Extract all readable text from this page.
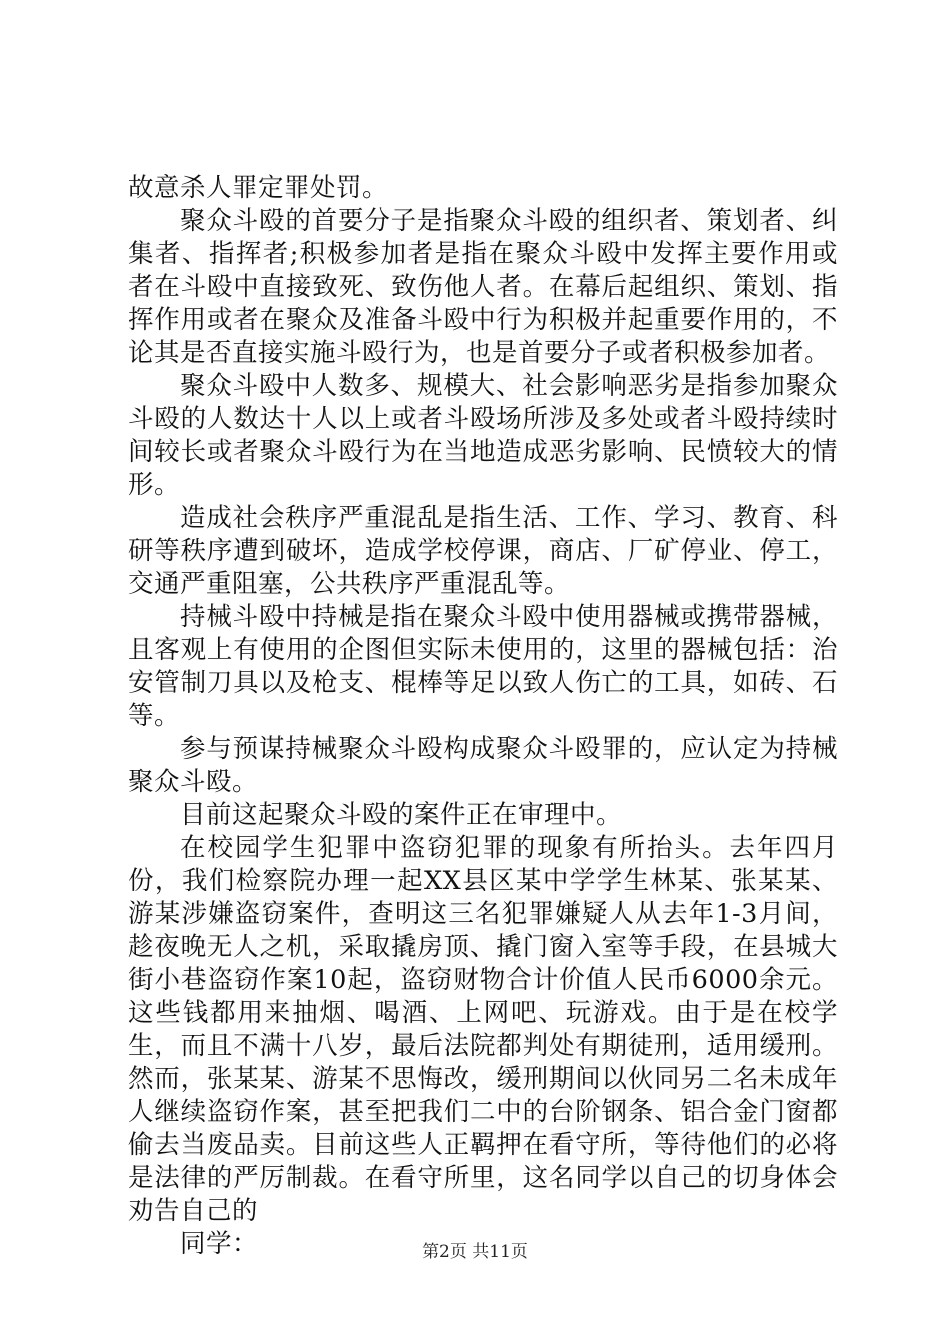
故意杀人罪定罪处罚。

聚众斗殴的首要分子是指聚众斗殴的组织者、策划者、纠集者、指挥者;积极参加者是指在聚众斗殴中发挥主要作用或者在斗殴中直接致死、致伤他人者。在幕后起组织、策划、指挥作用或者在聚众及准备斗殴中行为积极并起重要作用的，不论其是否直接实施斗殴行为，也是首要分子或者积极参加者。

聚众斗殴中人数多、规模大、社会影响恶劣是指参加聚众斗殴的人数达十人以上或者斗殴场所涉及多处或者斗殴持续时间较长或者聚众斗殴行为在当地造成恶劣影响、民愤较大的情形。

造成社会秩序严重混乱是指生活、工作、学习、教育、科研等秩序遭到破坏，造成学校停课，商店、厂矿停业、停工，交通严重阻塞，公共秩序严重混乱等。

持械斗殴中持械是指在聚众斗殴中使用器械或携带器械，且客观上有使用的企图但实际未使用的，这里的器械包括：治安管制刀具以及枪支、棍棒等足以致人伤亡的工具，如砖、石等。

参与预谋持械聚众斗殴构成聚众斗殴罪的，应认定为持械聚众斗殴。

目前这起聚众斗殴的案件正在审理中。

在校园学生犯罪中盗窃犯罪的现象有所抬头。去年四月份，我们检察院办理一起XX县区某中学学生林某、张某某、游某涉嫌盗窃案件，查明这三名犯罪嫌疑人从去年1-3月间，趁夜晚无人之机，采取撬房顶、撬门窗入室等手段，在县城大街小巷盗窃作案10起，盗窃财物合计价值人民币6000余元。这些钱都用来抽烟、喝酒、上网吧、玩游戏。由于是在校学生，而且不满十八岁，最后法院都判处有期徒刑，适用缓刑。然而，张某某、游某不思悔改，缓刑期间以伙同另二名未成年人继续盗窃作案，甚至把我们二中的台阶钢条、铝合金门窗都偷去当废品卖。目前这些人正羁押在看守所，等待他们的必将是法律的严厉制裁。在看守所里，这名同学以自己的切身体会劝告自己的

同学：	第2页 共11页
